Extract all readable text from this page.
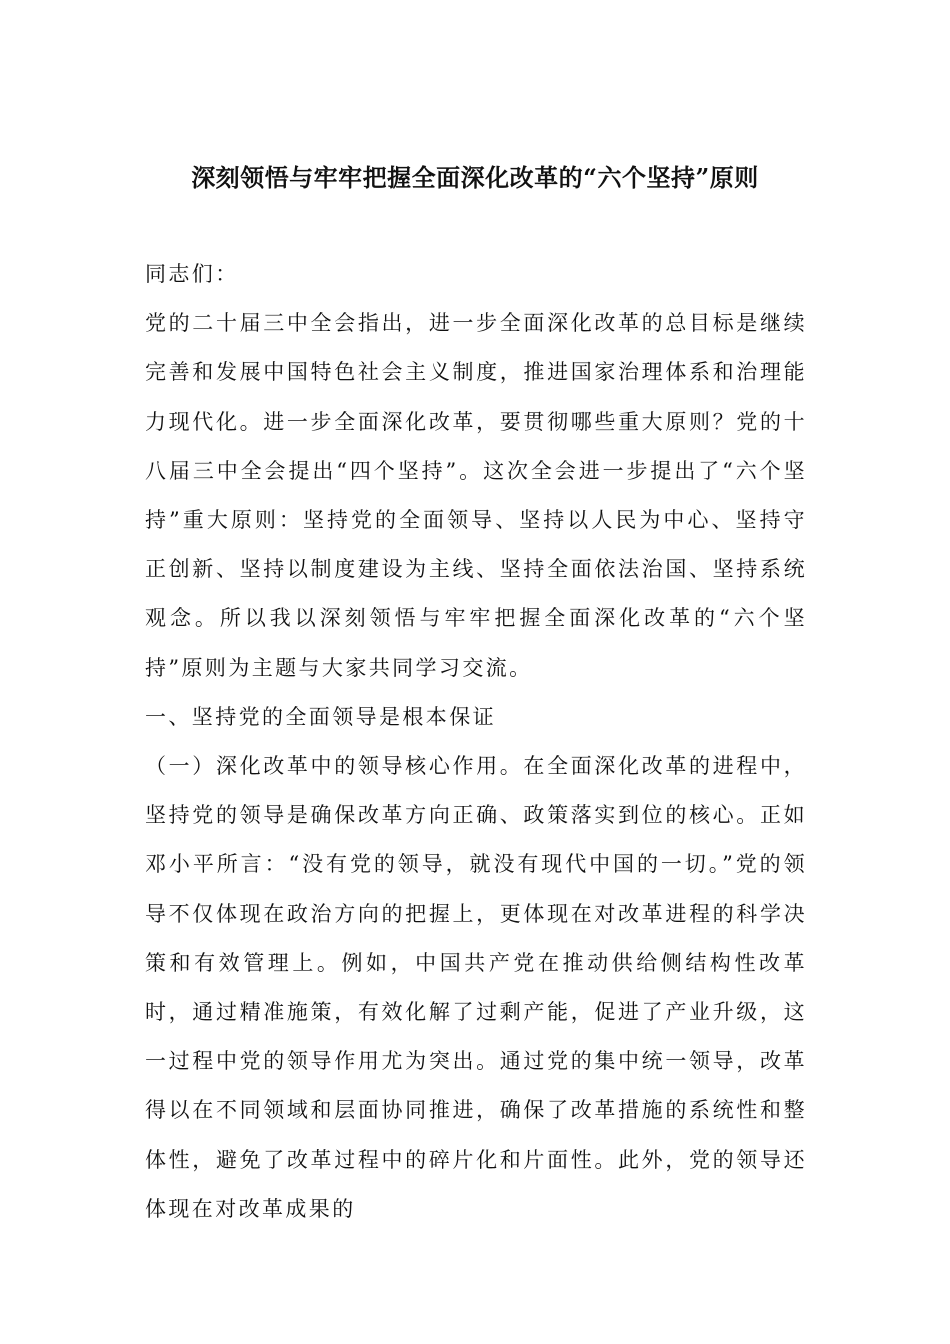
深刻领悟与牢牢把握全面深化改革的“六个坚持”原则

同志们：

党的二十届三中全会指出，进一步全面深化改革的总目标是继续完善和发展中国特色社会主义制度，推进国家治理体系和治理能力现代化。进一步全面深化改革，要贯彻哪些重大原则？党的十八届三中全会提出“四个坚持”。这次全会进一步提出了“六个坚持”重大原则：坚持党的全面领导、坚持以人民为中心、坚持守正创新、坚持以制度建设为主线、坚持全面依法治国、坚持系统观念。所以我以深刻领悟与牢牢把握全面深化改革的“六个坚持”原则为主题与大家共同学习交流。

一、坚持党的全面领导是根本保证

（一）深化改革中的领导核心作用。在全面深化改革的进程中，坚持党的领导是确保改革方向正确、政策落实到位的核心。正如邓小平所言：“没有党的领导，就没有现代中国的一切。”党的领导不仅体现在政治方向的把握上，更体现在对改革进程的科学决策和有效管理上。例如，中国共产党在推动供给侧结构性改革时，通过精准施策，有效化解了过剩产能，促进了产业升级，这一过程中党的领导作用尤为突出。通过党的集中统一领导，改革得以在不同领域和层面协同推进，确保了改革措施的系统性和整体性，避免了改革过程中的碎片化和片面性。此外，党的领导还体现在对改革成果的
